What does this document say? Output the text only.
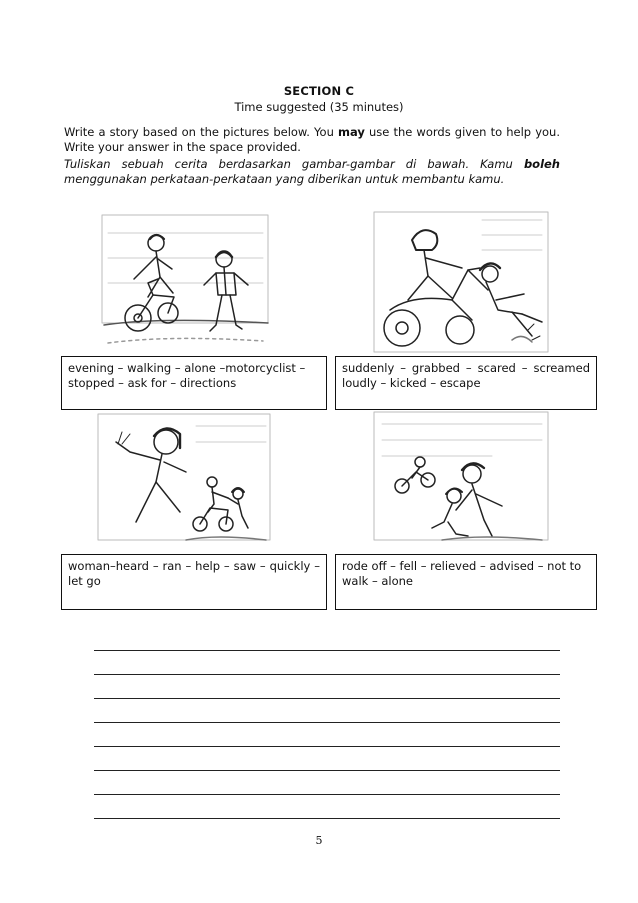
SECTION C
Time suggested (35 minutes)
Write a story based on the pictures below. You may use the words given to help you. Write your answer in the space provided.
Tuliskan sebuah cerita berdasarkan gambar-gambar di bawah. Kamu boleh menggunakan perkataan-perkataan yang diberikan untuk membantu kamu.
evening – walking – alone –motorcyclist – stopped – ask for – directions
suddenly – grabbed – scared – screamed loudly – kicked – escape
woman–heard – ran – help – saw – quickly – let go
rode off – fell – relieved – advised – not to walk – alone
5
